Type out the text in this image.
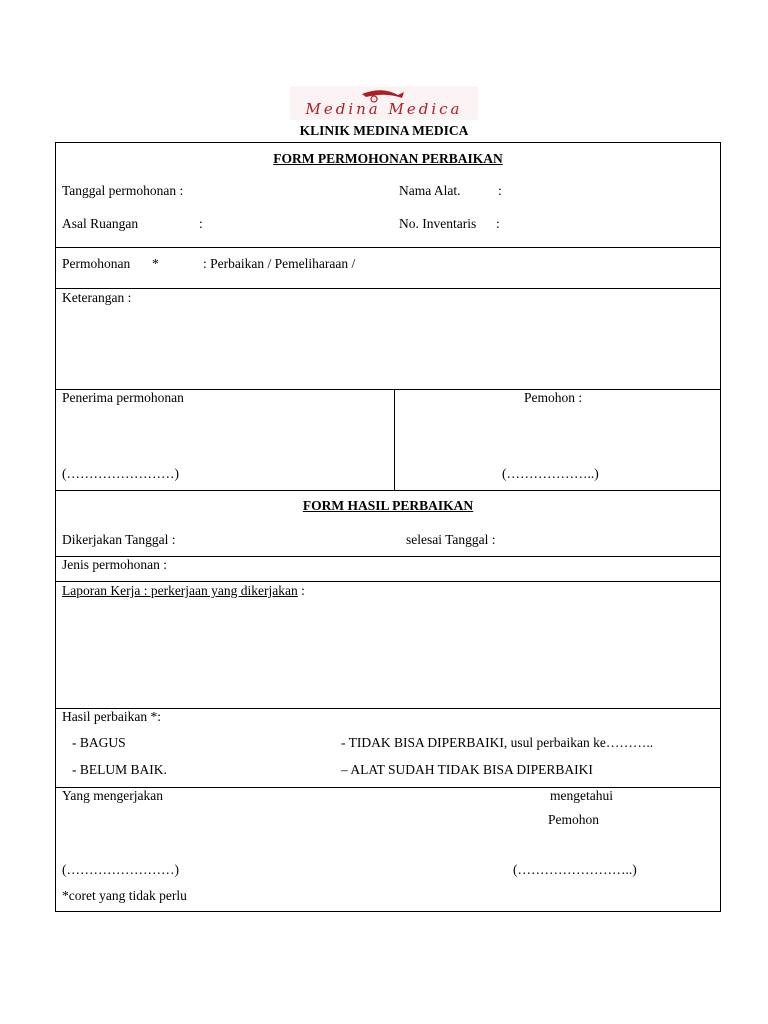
Medina Medica
KLINIK MEDINA MEDICA
FORM PERMOHONAN PERBAIKAN
Tanggal permohonan :	Nama Alat.	:
Asal Ruangan	:	No. Inventaris :
Permohonan *	: Perbaikan / Pemeliharaan /
Keterangan :
Penerima permohonan	Pemohon :
(……………………)	(………………..)
FORM HASIL PERBAIKAN
Dikerjakan Tanggal :	selesai Tanggal :
Jenis permohonan :
Laporan Kerja : perkerjaan yang dikerjakan :
Hasil perbaikan *:
- BAGUS	- TIDAK BISA DIPERBAIKI, usul perbaikan ke………..
- BELUM BAIK.	– ALAT SUDAH TIDAK BISA DIPERBAIKI
Yang mengerjakan	mengetahui
Pemohon
(……………………)	(……………………..)
*coret yang tidak perlu
